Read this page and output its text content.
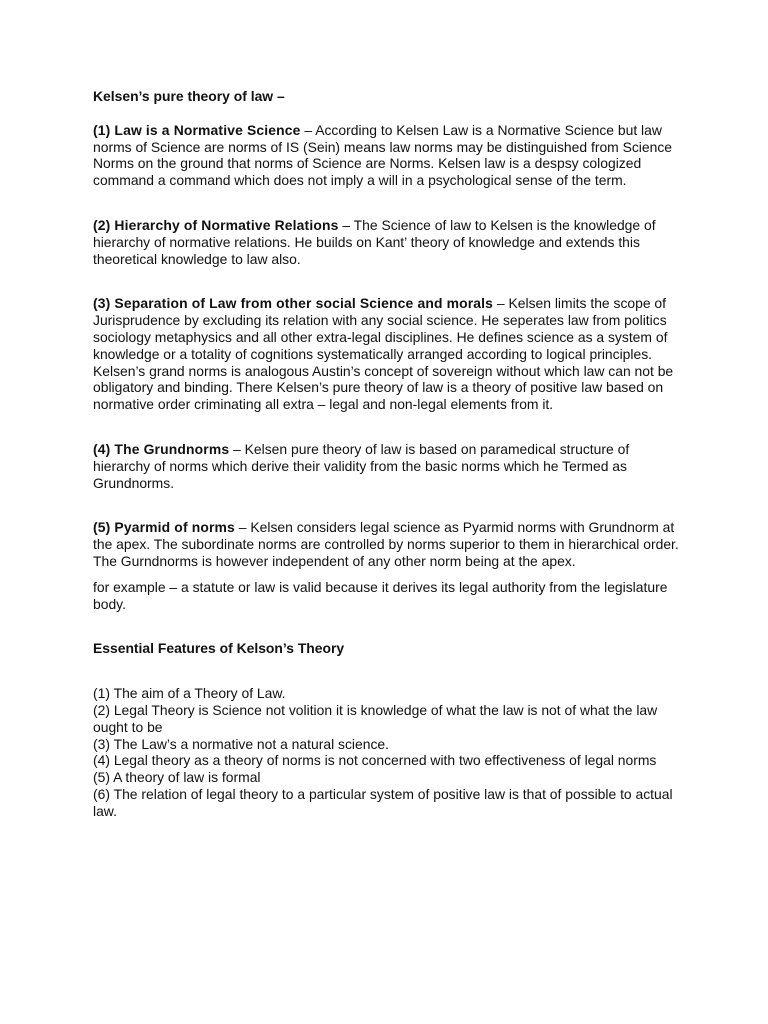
Kelsen’s pure theory of law –

(1) Law is a Normative Science – According to Kelsen Law is a Normative Science but law norms of Science are norms of IS (Sein) means law norms may be distinguished from Science Norms on the ground that norms of Science are Norms. Kelsen law is a despsy cologized command a command which does not imply a will in a psychological sense of the term.

(2) Hierarchy of Normative Relations – The Science of law to Kelsen is the knowledge of hierarchy of normative relations. He builds on Kant’ theory of knowledge and extends this theoretical knowledge to law also.

(3) Separation of Law from other social Science and morals – Kelsen limits the scope of Jurisprudence by excluding its relation with any social science. He seperates law from politics sociology metaphysics and all other extra-legal disciplines. He defines science as a system of knowledge or a totality of cognitions systematically arranged according to logical principles. Kelsen’s grand norms is analogous Austin’s concept of sovereign without which law can not be obligatory and binding. There Kelsen’s pure theory of law is a theory of positive law based on normative order criminating all extra – legal and non-legal elements from it.

(4) The Grundnorms – Kelsen pure theory of law is based on paramedical structure of hierarchy of norms which derive their validity from the basic norms which he Termed as Grundnorms.

(5) Pyarmid of norms – Kelsen considers legal science as Pyarmid norms with Grundnorm at the apex. The subordinate norms are controlled by norms superior to them in hierarchical order. The Gurndnorms is however independent of any other norm being at the apex.

for example – a statute or law is valid because it derives its legal authority from the legislature body.

Essential Features of Kelson’s Theory

(1) The aim of a Theory of Law.
(2) Legal Theory is Science not volition it is knowledge of what the law is not of what the law ought to be
(3) The Law’s a normative not a natural science.
(4) Legal theory as a theory of norms is not concerned with two effectiveness of legal norms
(5) A theory of law is formal
(6) The relation of legal theory to a particular system of positive law is that of possible to actual law.
